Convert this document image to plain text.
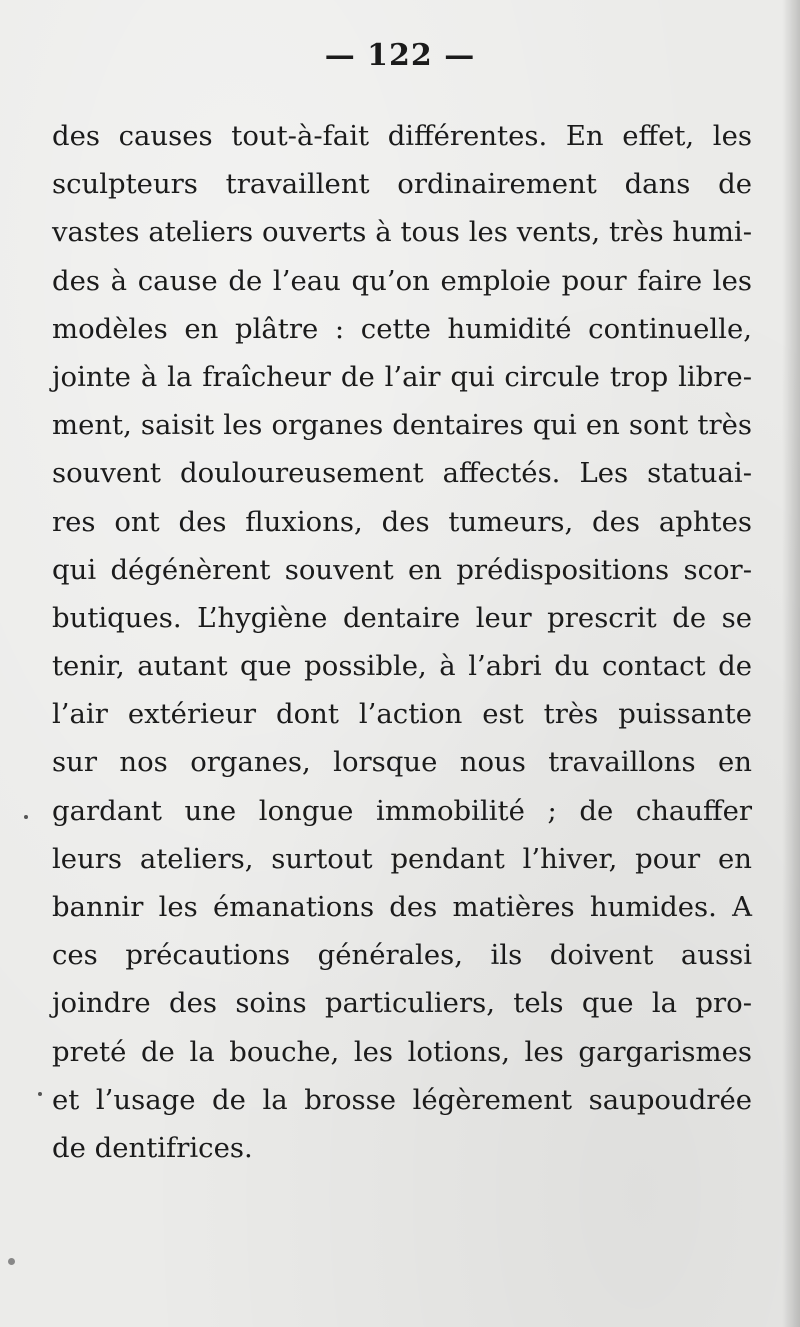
— 122 —
des causes tout-à-fait différentes. En effet, les
sculpteurs travaillent ordinairement dans de
vastes ateliers ouverts à tous les vents, très humi-
des à cause de l’eau qu’on emploie pour faire les
modèles en plâtre : cette humidité continuelle,
jointe à la fraîcheur de l’air qui circule trop libre-
ment, saisit les organes dentaires qui en sont très
souvent douloureusement affectés. Les statuai-
res ont des fluxions, des tumeurs, des aphtes
qui dégénèrent souvent en prédispositions scor-
butiques. L’hygiène dentaire leur prescrit de se
tenir, autant que possible, à l’abri du contact de
l’air extérieur dont l’action est très puissante
sur nos organes, lorsque nous travaillons en
gardant une longue immobilité ; de chauffer
leurs ateliers, surtout pendant l’hiver, pour en
bannir les émanations des matières humides. A
ces précautions générales, ils doivent aussi
joindre des soins particuliers, tels que la pro-
preté de la bouche, les lotions, les gargarismes
et l’usage de la brosse légèrement saupoudrée
de dentifrices.
